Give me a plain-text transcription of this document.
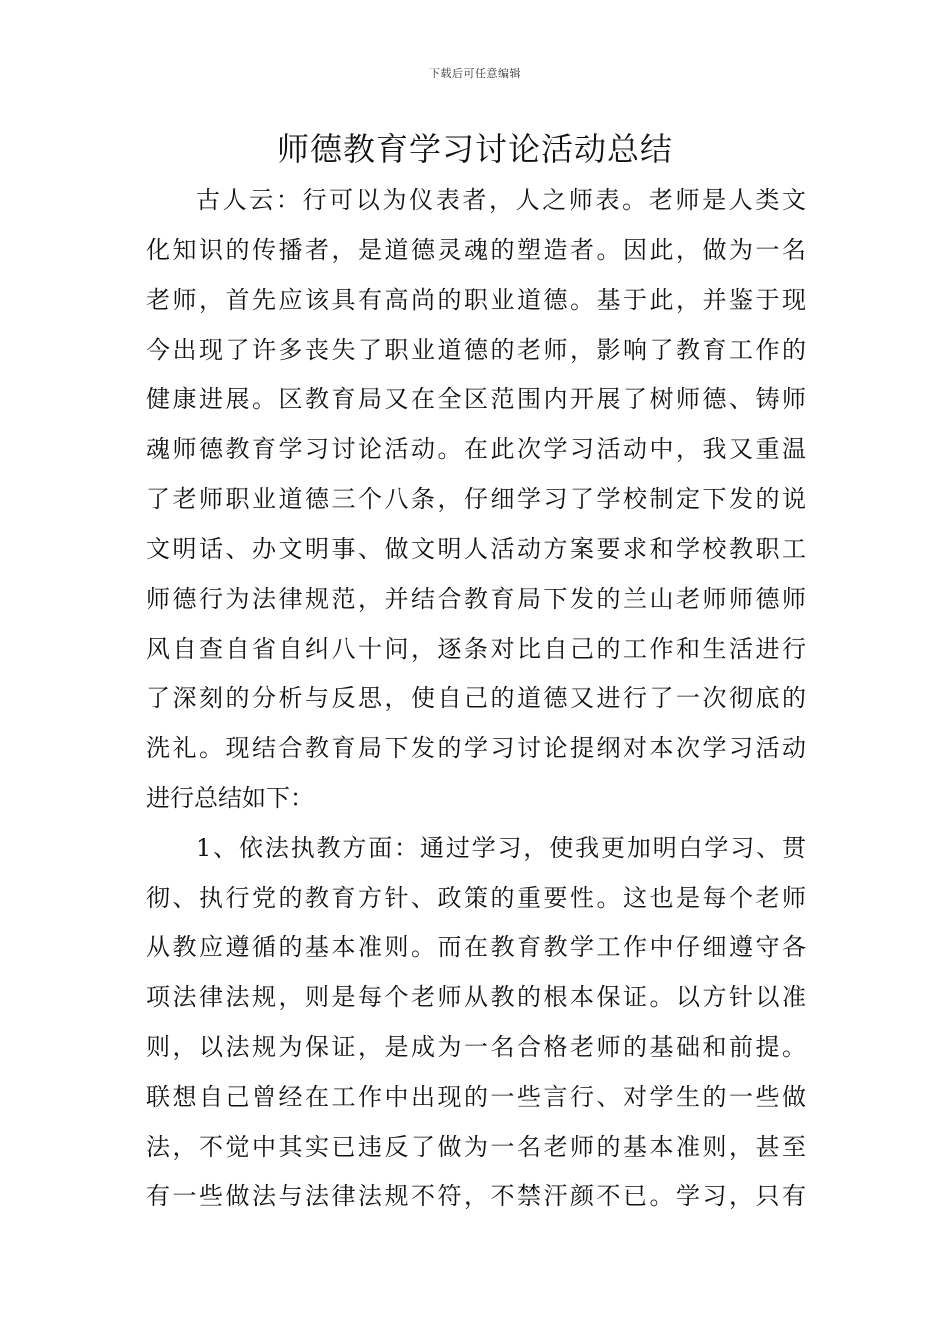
下载后可任意编辑
师德教育学习讨论活动总结
古人云：行可以为仪表者，人之师表。老师是人类文
化知识的传播者，是道德灵魂的塑造者。因此，做为一名
老师，首先应该具有高尚的职业道德。基于此，并鉴于现
今出现了许多丧失了职业道德的老师，影响了教育工作的
健康进展。区教育局又在全区范围内开展了树师德、铸师
魂师德教育学习讨论活动。在此次学习活动中，我又重温
了老师职业道德三个八条，仔细学习了学校制定下发的说
文明话、办文明事、做文明人活动方案要求和学校教职工
师德行为法律规范，并结合教育局下发的兰山老师师德师
风自查自省自纠八十问，逐条对比自己的工作和生活进行
了深刻的分析与反思，使自己的道德又进行了一次彻底的
洗礼。现结合教育局下发的学习讨论提纲对本次学习活动
进行总结如下：
1、依法执教方面：通过学习，使我更加明白学习、贯
彻、执行党的教育方针、政策的重要性。这也是每个老师
从教应遵循的基本准则。而在教育教学工作中仔细遵守各
项法律法规，则是每个老师从教的根本保证。以方针以准
则，以法规为保证，是成为一名合格老师的基础和前提。
联想自己曾经在工作中出现的一些言行、对学生的一些做
法，不觉中其实已违反了做为一名老师的基本准则，甚至
有一些做法与法律法规不符，不禁汗颜不已。学习，只有
